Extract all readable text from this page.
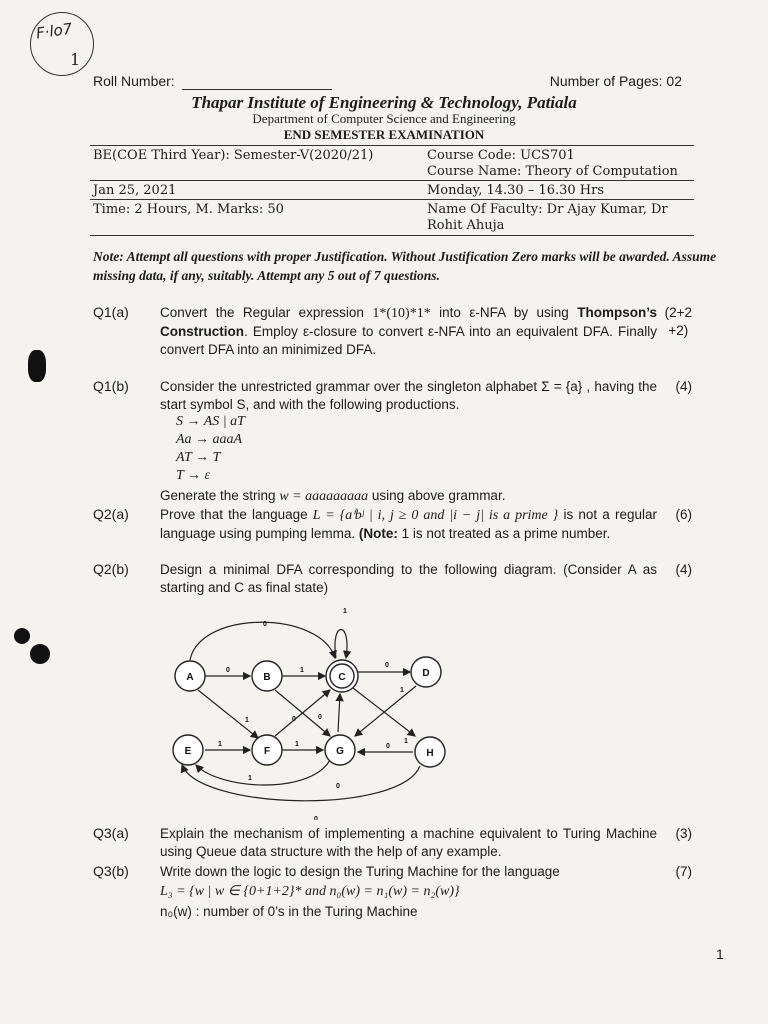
F·lo7
1
Roll Number:	Number of Pages: 02
Thapar Institute of Engineering & Technology, Patiala
Department of Computer Science and Engineering
END SEMESTER EXAMINATION
BE(COE Third Year): Semester-V(2020/21)	Course Code: UCS701
Course Name: Theory of Computation
Jan 25, 2021	Monday, 14.30 – 16.30 Hrs
Time: 2 Hours, M. Marks: 50	Name Of Faculty: Dr Ajay Kumar, Dr
Rohit Ahuja
Note: Attempt all questions with proper Justification. Without Justification Zero marks will be awarded. Assume missing data, if any, suitably. Attempt any 5 out of 7 questions.
Q1(a) Convert the Regular expression 1*(10)*1* into ε-NFA by using Thompson’s Construction. Employ ε-closure to convert ε-NFA into an equivalent DFA. Finally convert DFA into an minimized DFA.
(2+2
+2)
Q1(b) Consider the unrestricted grammar over the singleton alphabet Σ = {a} , having the start symbol S, and with the following productions.
(4)
S → AS | aT
Aa → aaaA
AT → T
T → ε
Generate the string w = aaaaaaaaa using above grammar.
Q2(a) Prove that the language L = {aⁱbʲ | i, j ≥ 0 and |i − j| is a prime } is not a regular language using pumping lemma. (Note: 1 is not treated as a prime number.
(6)
Q2(b) Design a minimal DFA corresponding to the following diagram. (Consider A as starting and C as final state)
(4)
A	B	C	D
E	F	G	H
0	1
0
1
0
1	0	0
1
1	1	0
1
1
0
0
Q3(a) Explain the mechanism of implementing a machine equivalent to Turing Machine using Queue data structure with the help of any example.
(3)
Q3(b) Write down the logic to design the Turing Machine for the language	(7)
L₃ = {w | w ∈ {0+1+2}* and n₀(w) = n₁(w) = n₂(w)}
n₀(w) : number of 0’s in the Turing Machine
1
